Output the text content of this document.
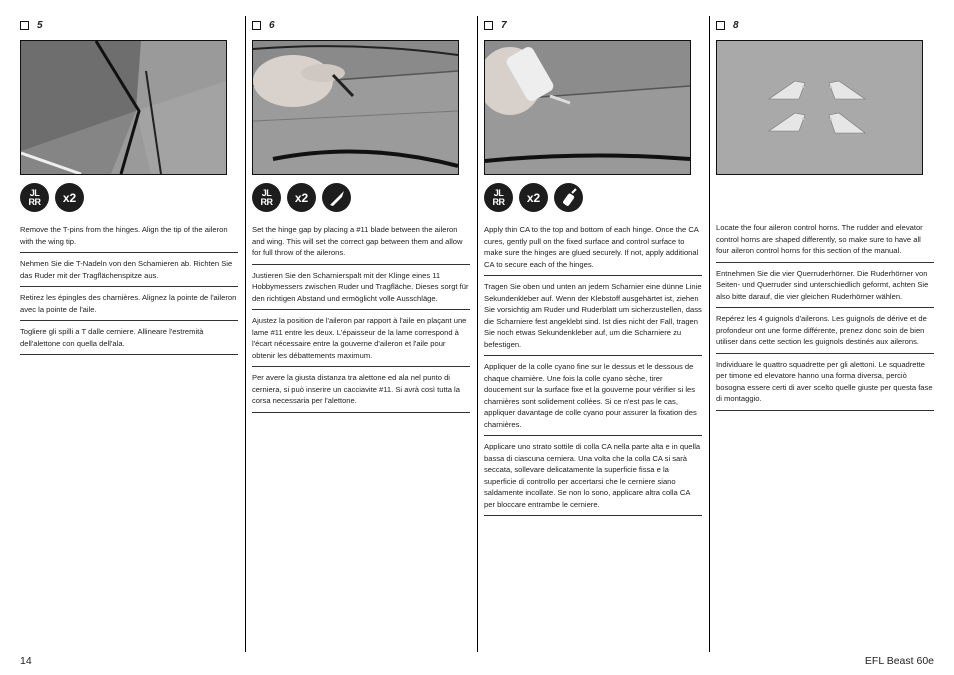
5
JL
RR	x2

Remove the T-pins from the hinges. Align the tip of the aileron with the wing tip.

Nehmen Sie die T-Nadeln von den Schamieren ab. Richten Sie das Ruder mit der Tragflächenspitze aus.

Retirez les épingles des charnières. Alignez la pointe de l'aileron avec la pointe de l'aile.

Togliere gli spilli a T dalle cerniere. Allineare l'estremità dell'alettone con quella dell'ala.

6
JL
RR	x2

Set the hinge gap by placing a #11 blade between the aileron and wing. This will set the correct gap between them and allow for full throw of the ailerons.

Justieren Sie den Scharnierspalt mit der Klinge eines 11 Hobbymessers zwischen Ruder und Tragfläche. Dieses sorgt für den richtigen Abstand und ermöglicht volle Ausschläge.

Ajustez la position de l'aileron par rapport à l'aile en plaçant une lame #11 entre les deux. L'épaisseur de la lame correspond à l'écart nécessaire entre la gouverne d'aileron et l'aile pour obtenir les débattements maximum.

Per avere la giusta distanza tra alettone ed ala nel punto di cerniera, si può inserire un cacciavite #11. Si avrà così tutta la corsa necessaria per l'alettone.

7
JL
RR	x2

Apply thin CA to the top and bottom of each hinge. Once the CA cures, gently pull on the fixed surface and control surface to make sure the hinges are glued securely. If not, apply additional CA to secure each of the hinges.

Tragen Sie oben und unten an jedem Scharnier eine dünne Linie Sekundenkleber auf. Wenn der Klebstoff ausgehärtet ist, ziehen Sie vorsichtig am Ruder und Ruderblatt um sicherzustellen, dass die Scharniere fest angeklebt sind. Ist dies nicht der Fall, tragen Sie noch etwas Sekundenkleber auf, um die Scharniere zu befestigen.

Appliquer de la colle cyano fine sur le dessus et le dessous de chaque charnière. Une fois la colle cyano sèche, tirer doucement sur la surface fixe et la gouverne pour vérifier si les charnières sont solidement collées. Si ce n'est pas le cas, appliquer davantage de colle cyano pour assurer la fixation des charnières.

Applicare uno strato sottile di colla CA nella parte alta e in quella bassa di ciascuna cerniera. Una volta che la colla CA si sarà seccata, sollevare delicatamente la superficie fissa e la superficie di controllo per accertarsi che le cerniere siano saldamente incollate. Se non lo sono, applicare altra colla CA per bloccare entrambe le cerniere.

8

Locate the four aileron control horns. The rudder and elevator control horns are shaped differently, so make sure to have all four aileron control horns for this section of the manual.

Entnehmen Sie die vier Querruderhörner. Die Ruderhörner von Seiten- und Querruder sind unterschiedlich geformt, achten Sie also bitte darauf, die vier gleichen Ruderhörner wählen.

Repérez les 4 guignols d'ailerons. Les guignols de dérive et de profondeur ont une forme différente, prenez donc soin de bien utiliser dans cette section les guignols destinés aux ailerons.

Individuare le quattro squadrette per gli alettoni. Le squadrette per timone ed elevatore hanno una forma diversa, perciò bosogna essere certi di aver scelto quelle giuste per questa fase di montaggio.

14	EFL Beast 60e
